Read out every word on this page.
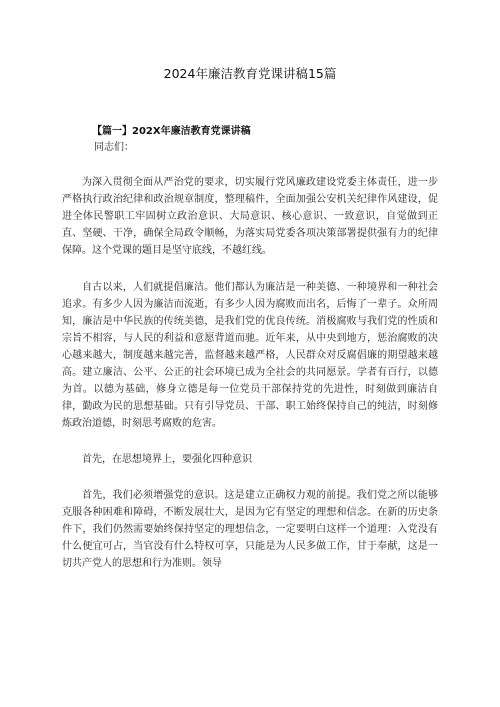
2024年廉洁教育党课讲稿15篇

【篇一】202X年廉洁教育党课讲稿

同志们：

为深入贯彻全面从严治党的要求，切实履行党风廉政建设党委主体责任，进一步严格执行政治纪律和政治规章制度，整理稿件，全面加强公安机关纪律作风建设，促进全体民警职工牢固树立政治意识、大局意识、核心意识、一致意识，自觉做到正直、坚硬、干净，确保全局政令顺畅，为落实局党委各项决策部署提供强有力的纪律保障。这个党课的题目是坚守底线，不越红线。

自古以来，人们就提倡廉洁。他们都认为廉洁是一种美德、一种境界和一种社会追求。有多少人因为廉洁而流逝，有多少人因为腐败而出名，后悔了一辈子。众所周知，廉洁是中华民族的传统美德，是我们党的优良传统。消极腐败与我们党的性质和宗旨不相容，与人民的利益和意愿背道而驰。近年来，从中央到地方，惩治腐败的决心越来越大，制度越来越完善，监督越来越严格，人民群众对反腐倡廉的期望越来越高。建立廉洁、公平、公正的社会环境已成为全社会的共同愿景。学者有百行，以德为首。以德为基础，修身立德是每一位党员干部保持党的先进性，时刻做到廉洁自律，勤政为民的思想基础。只有引导党员、干部、职工始终保持自己的纯洁，时刻修炼政治道德，时刻思考腐败的危害。

首先，在思想境界上，要强化四种意识

首先，我们必须增强党的意识。这是建立正确权力观的前提。我们党之所以能够克服各种困难和障碍，不断发展壮大，是因为它有坚定的理想和信念。在新的历史条件下，我们仍然需要始终保持坚定的理想信念，一定要明白这样一个道理：入党没有什么便宜可占，当官没有什么特权可享，只能是为人民多做工作，甘于奉献，这是一切共产党人的思想和行为准则。领导
